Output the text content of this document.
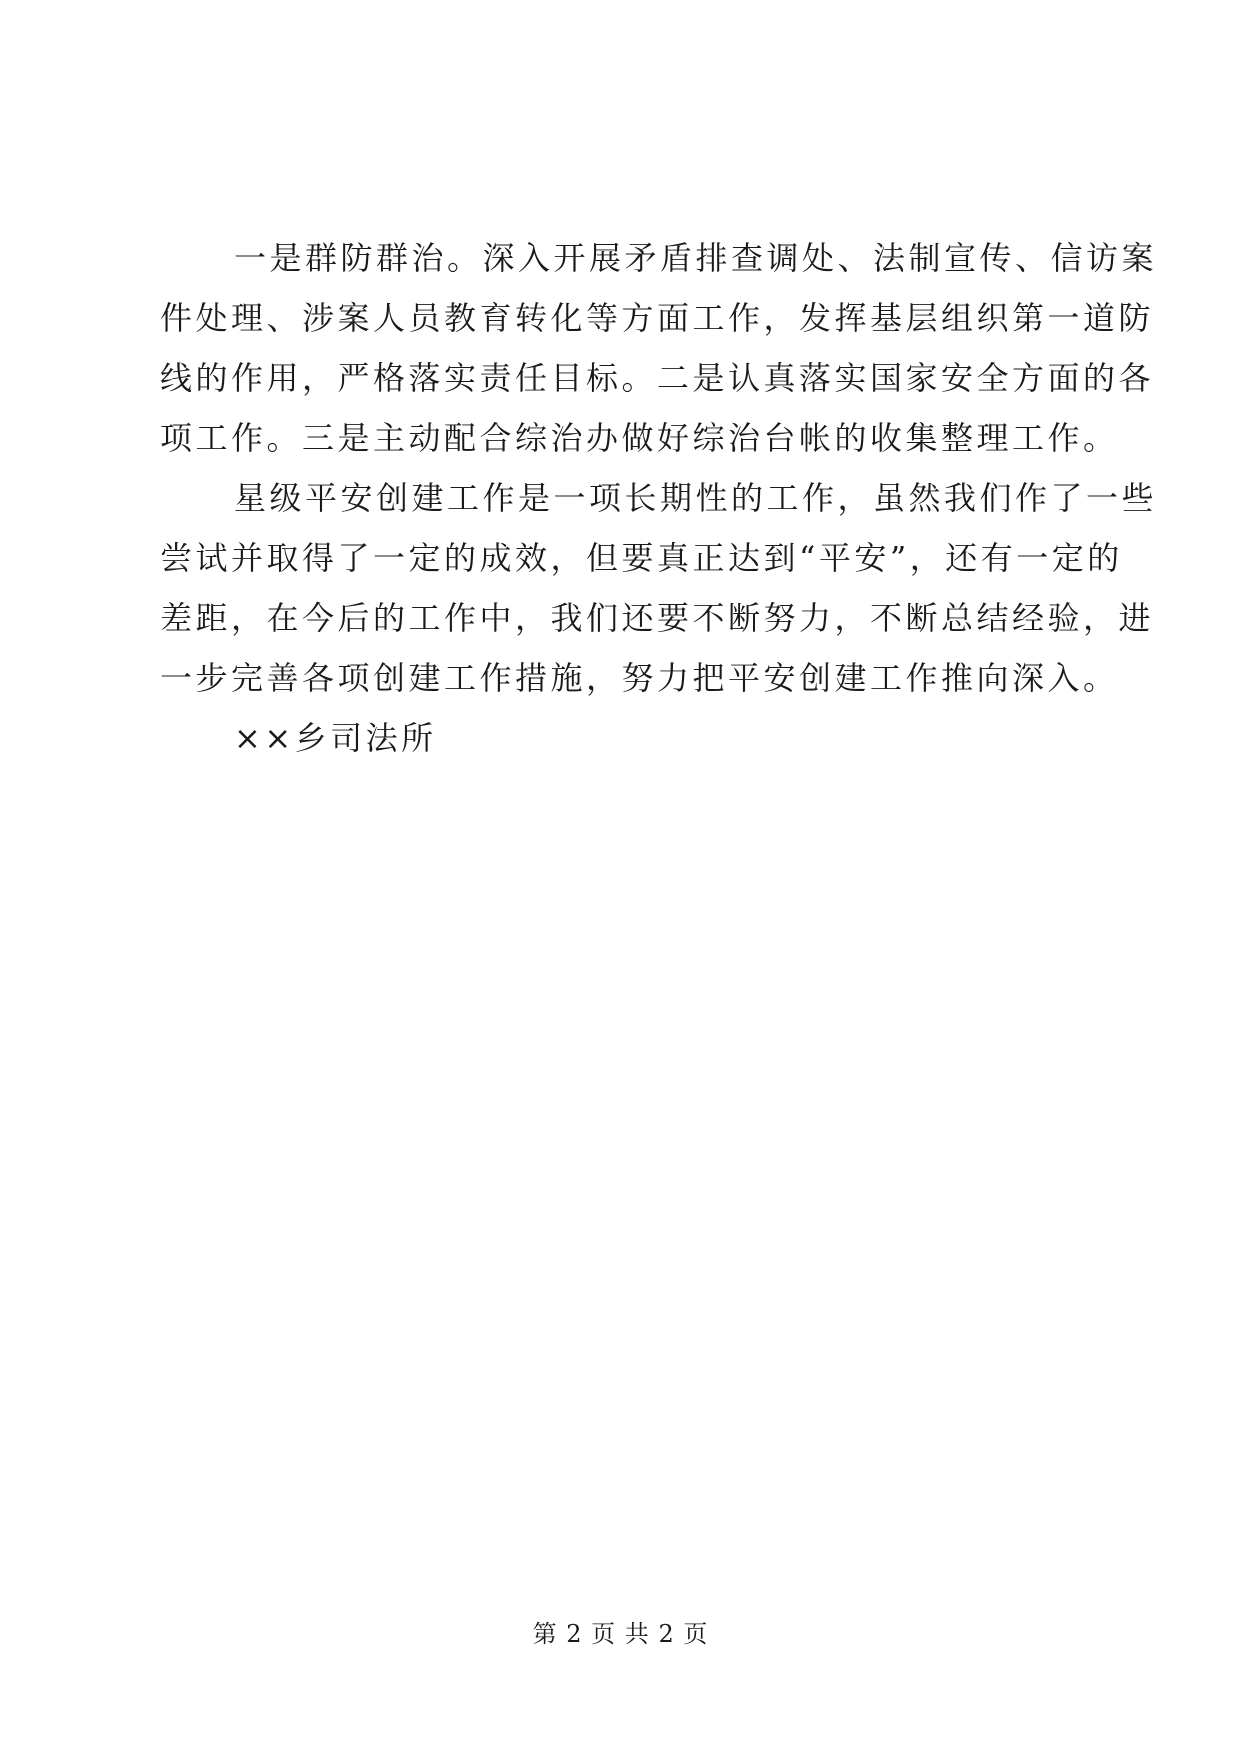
一是群防群治。深入开展矛盾排查调处、法制宣传、信访案
件处理、涉案人员教育转化等方面工作，发挥基层组织第一道防
线的作用，严格落实责任目标。二是认真落实国家安全方面的各
项工作。三是主动配合综治办做好综治台帐的收集整理工作。

星级平安创建工作是一项长期性的工作，虽然我们作了一些
尝试并取得了一定的成效，但要真正达到“平安”，还有一定的
差距，在今后的工作中，我们还要不断努力，不断总结经验，进
一步完善各项创建工作措施，努力把平安创建工作推向深入。

××乡司法所

第 2 页 共 2 页
